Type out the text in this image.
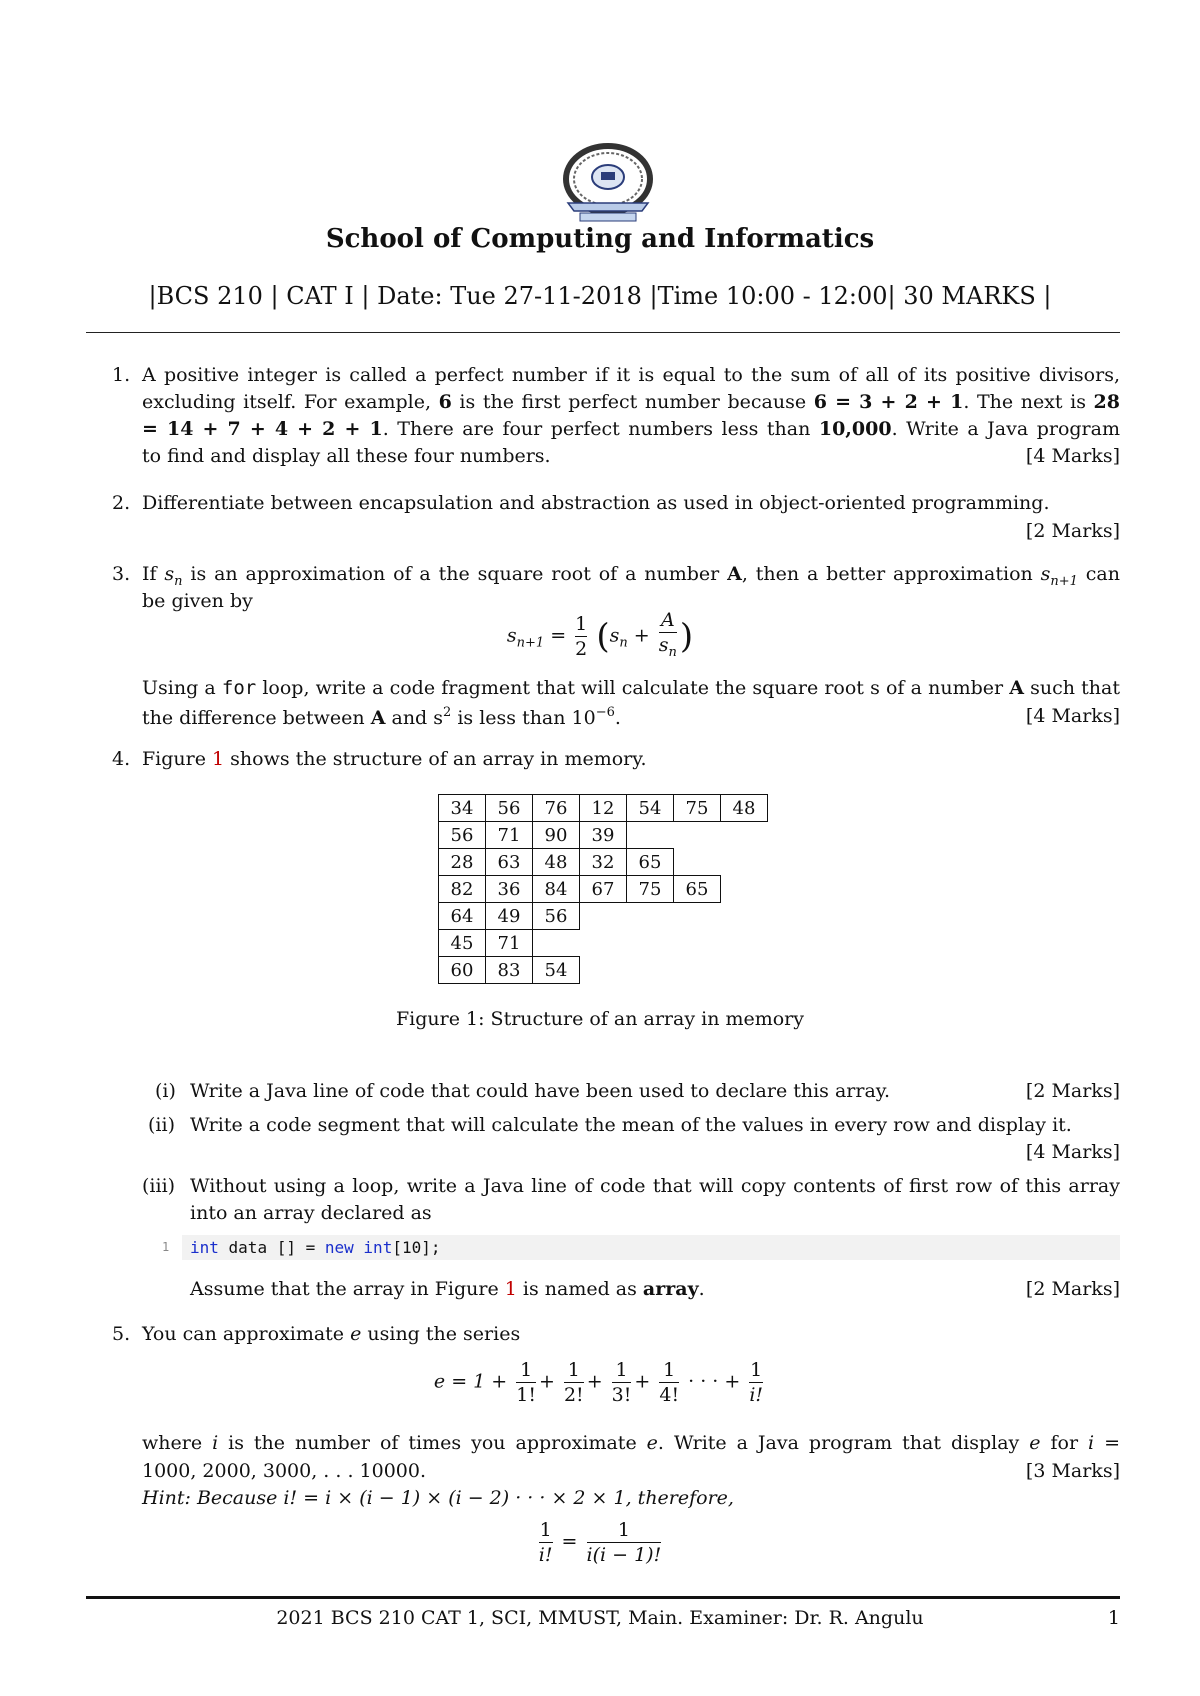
School of Computing and Informatics
|BCS 210 | CAT I | Date: Tue 27-11-2018 |Time 10:00 - 12:00| 30 MARKS |
1. A positive integer is called a perfect number if it is equal to the sum of all of its positive divisors,
excluding itself. For example, 6 is the first perfect number because 6 = 3 + 2 + 1. The next is 28
= 14 + 7 + 4 + 2 + 1. There are four perfect numbers less than 10,000. Write a Java program
to find and display all these four numbers.	[4 Marks]
2. Differentiate between encapsulation and abstraction as used in object-oriented programming.
[2 Marks]
3. If $s_n$ is an approximation of a the square root of a number A, then a better approximation $s_{n+1}$ can
be given by
$s_{n+1} = \frac{1}{2} (s_n + \frac{A}{s_n}$ )
Using a for loop, write a code fragment that will calculate the square root s of a number A such that
the difference between A and $s^2$ is less than $10^{-6}$.	[4 Marks]
4. Figure 1 shows the structure of an array in memory.
34	56	76	12	54	75	48
56	71	90	39			
28	63	48	32	65		
82	36	84	67	75	65	
64	49	56				
45	71					
60	83	54				
Figure 1: Structure of an array in memory
(i) Write a Java line of code that could have been used to declare this array.	[2 Marks]
(ii) Write a code segment that will calculate the mean of the values in every row and display it.
[4 Marks]
(iii) Without using a loop, write a Java line of code that will copy contents of first row of this array
into an array declared as
1 int data [] = new int[10];
Assume that the array in Figure 1 is named as array.	[2 Marks]
5. You can approximate e using the series
$e = 1 + \frac{1}{1!} + \frac{1}{2!} + \frac{1}{3!} + \frac{1}{4!}$ · · · + $\frac{1}{i!}$
where i is the number of times you approximate e. Write a Java program that display e for i =
1000, 2000, 3000, . . . 10000.	[3 Marks]
Hint: Because i! = i × (i − 1) × (i − 2) · · · × 2 × 1, therefore,
$\frac{1}{i!} = \frac{1}{i(i - 1)!}$
2021 BCS 210 CAT 1, SCI, MMUST, Main. Examiner: Dr. R. Angulu	1
